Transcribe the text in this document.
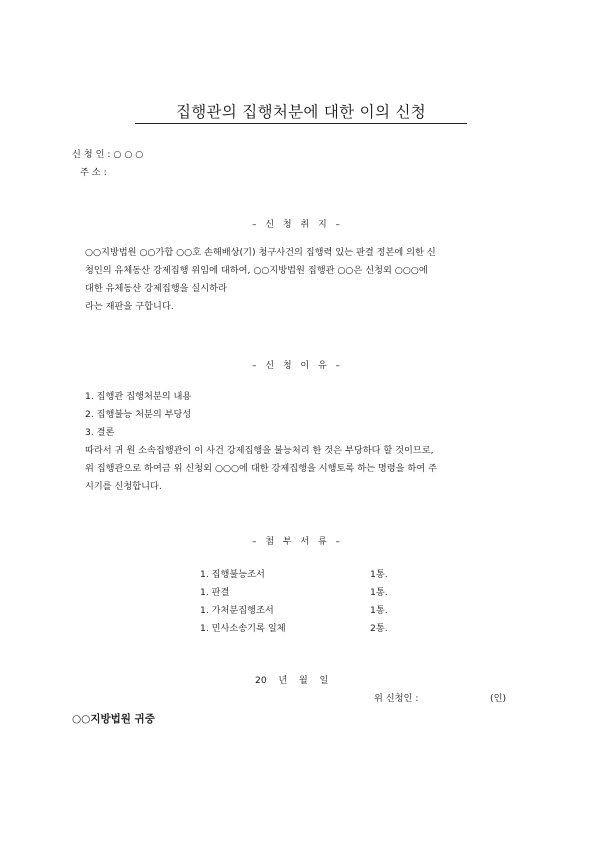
집행관의 집행처분에 대한 이의 신청
신 청 인 : ○ ○ ○
주 소 :
– 신 청 취 지 –
○○지방법원 ○○가합 ○○호 손해배상(기) 청구사건의 집행력 있는 판결 정본에 의한 신
청인의 유체동산 강제집행 위임에 대하여, ○○지방법원 집행관 ○○은 신청외 ○○○에
대한 유체동산 강제집행을 실시하라
라는 재판을 구합니다.
– 신 청 이 유 –
1. 집행관 집행처분의 내용
2. 집행불능 처분의 부당성
3. 결론
따라서 귀 원 소속집행관이 이 사건 강제집행을 불능처리 한 것은 부당하다 할 것이므로,
위 집행관으로 하여금 위 신청외 ○○○에 대한 강제집행을 시행토록 하는 명령을 하여 주
시기를 신청합니다.
– 첨 부 서 류 –
1. 집행불능조서	1통.
1. 판결	1통.
1. 가처분집행조서	1통.
1. 민사소송기록 일체	2통.
20    년    월    일
위 신청인 :	(인)
○○지방법원 귀중
